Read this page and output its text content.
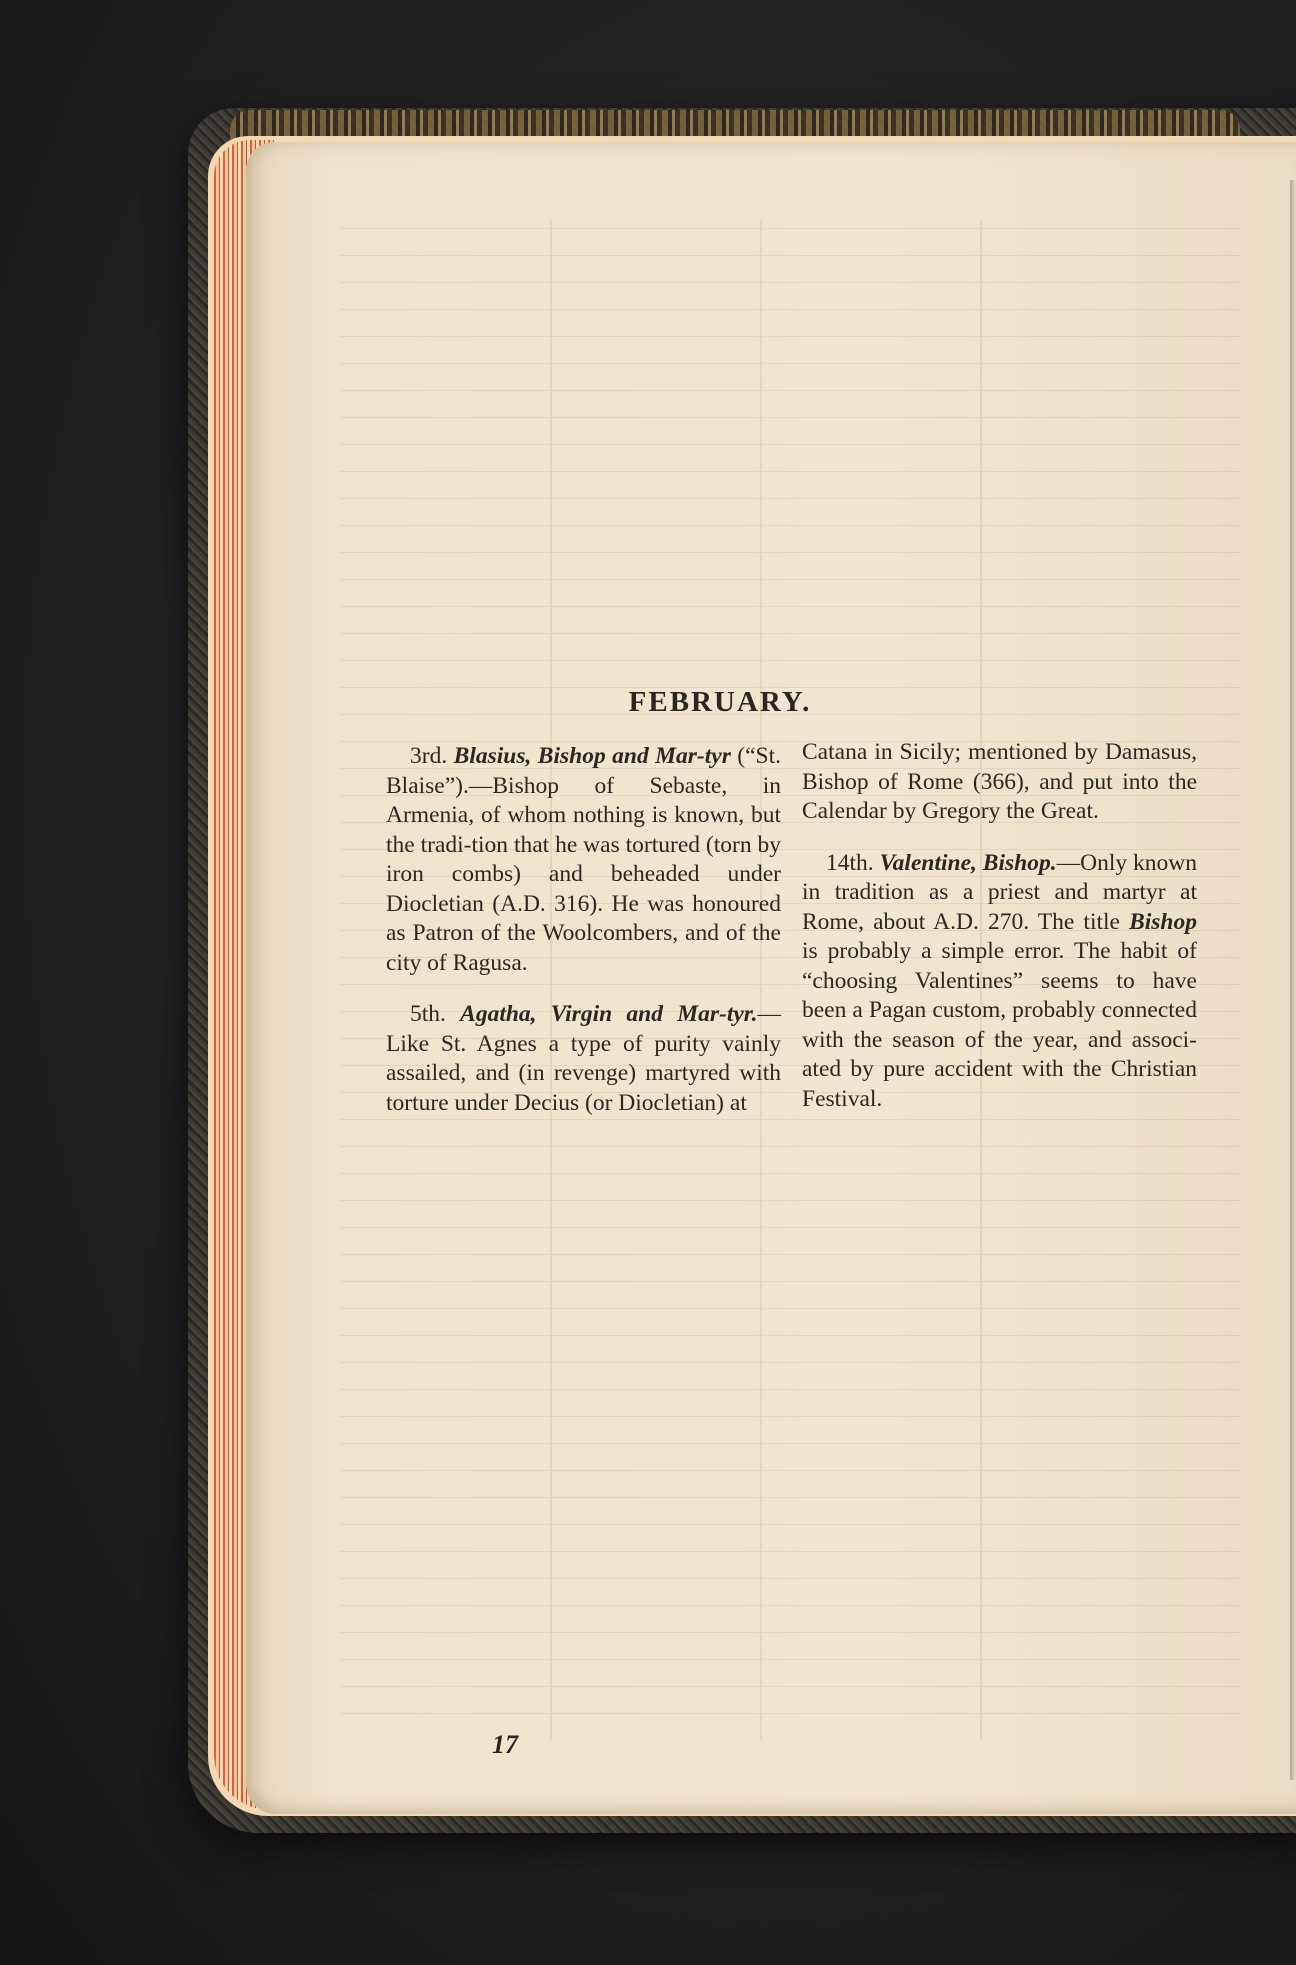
FEBRUARY.

3rd. Blasius, Bishop and Mar-tyr (“St. Blaise”).—Bishop of Sebaste, in Armenia, of whom nothing is known, but the tradi-tion that he was tortured (torn by iron combs) and beheaded under Diocletian (A.D. 316). He was honoured as Patron of the Woolcombers, and of the city of Ragusa.

5th. Agatha, Virgin and Mar-tyr.—Like St. Agnes a type of purity vainly assailed, and (in revenge) martyred with torture under Decius (or Diocletian) at

Catana in Sicily; mentioned by Damasus, Bishop of Rome (366), and put into the Calendar by Gregory the Great.

14th. Valentine, Bishop.—Only known in tradition as a priest and martyr at Rome, about A.D. 270. The title Bishop is probably a simple error. The habit of “choosing Valentines” seems to have been a Pagan custom, probably connected with the season of the year, and associ-ated by pure accident with the Christian Festival.

17
